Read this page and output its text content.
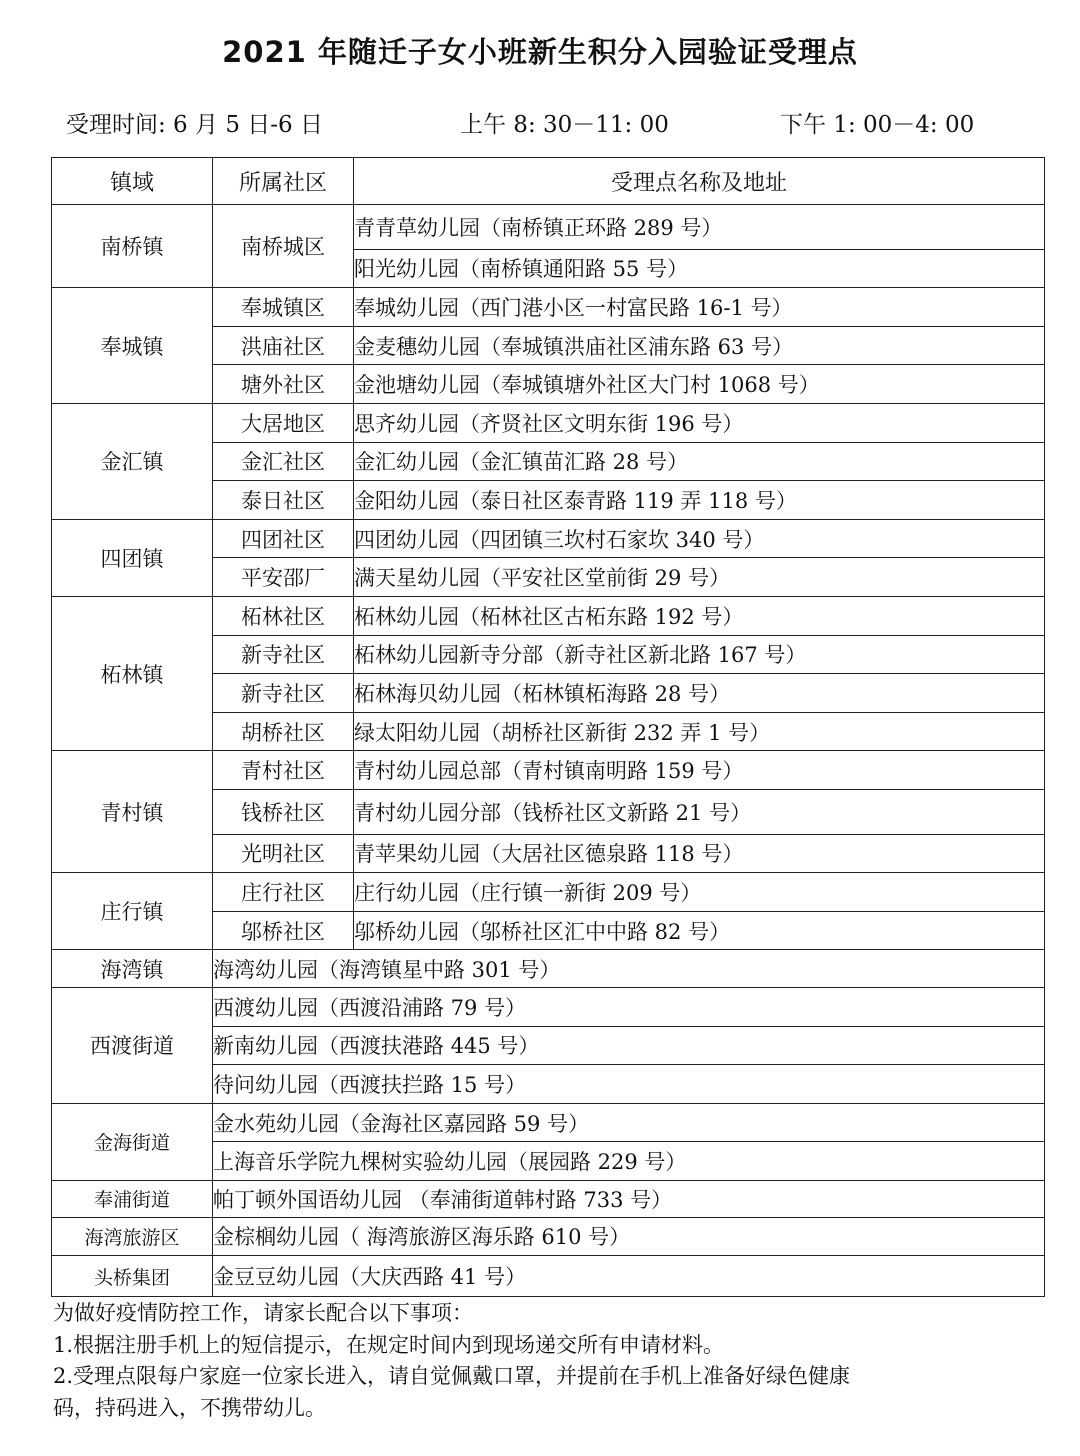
2021 年随迁子女小班新生积分入园验证受理点
受理时间: 6 月 5 日-6 日	上午 8: 30－11: 00	下午 1: 00－4: 00
镇域	所属社区	受理点名称及地址
南桥镇	南桥城区	青青草幼儿园（南桥镇正环路 289 号）
		阳光幼儿园（南桥镇通阳路 55 号）
奉城镇	奉城镇区	奉城幼儿园（西门港小区一村富民路 16-1 号）
	洪庙社区	金麦穗幼儿园（奉城镇洪庙社区浦东路 63 号）
	塘外社区	金池塘幼儿园（奉城镇塘外社区大门村 1068 号）
金汇镇	大居地区	思齐幼儿园（齐贤社区文明东街 196 号）
	金汇社区	金汇幼儿园（金汇镇苗汇路 28 号）
	泰日社区	金阳幼儿园（泰日社区泰青路 119 弄 118 号）
四团镇	四团社区	四团幼儿园（四团镇三坎村石家坎 340 号）
	平安邵厂	满天星幼儿园（平安社区堂前街 29 号）
柘林镇	柘林社区	柘林幼儿园（柘林社区古柘东路 192 号）
	新寺社区	柘林幼儿园新寺分部（新寺社区新北路 167 号）
	新寺社区	柘林海贝幼儿园（柘林镇柘海路 28 号）
	胡桥社区	绿太阳幼儿园（胡桥社区新街 232 弄 1 号）
青村镇	青村社区	青村幼儿园总部（青村镇南明路 159 号）
	钱桥社区	青村幼儿园分部（钱桥社区文新路 21 号）
	光明社区	青苹果幼儿园（大居社区德泉路 118 号）
庄行镇	庄行社区	庄行幼儿园（庄行镇一新街 209 号）
	邬桥社区	邬桥幼儿园（邬桥社区汇中中路 82 号）
海湾镇	海湾幼儿园（海湾镇星中路 301 号）	
西渡街道	西渡幼儿园（西渡沿浦路 79 号）	
	新南幼儿园（西渡扶港路 445 号）	
	待问幼儿园（西渡扶拦路 15 号）	
金海街道	金水苑幼儿园（金海社区嘉园路 59 号）	
	上海音乐学院九棵树实验幼儿园（展园路 229 号）	
奉浦街道	帕丁顿外国语幼儿园 （奉浦街道韩村路 733 号）	
海湾旅游区	金棕榈幼儿园（ 海湾旅游区海乐路 610 号）	
头桥集团	金豆豆幼儿园（大庆西路 41 号）	
为做好疫情防控工作，请家长配合以下事项：
1.根据注册手机上的短信提示，在规定时间内到现场递交所有申请材料。
2.受理点限每户家庭一位家长进入，请自觉佩戴口罩，并提前在手机上准备好绿色健康
码，持码进入，不携带幼儿。
